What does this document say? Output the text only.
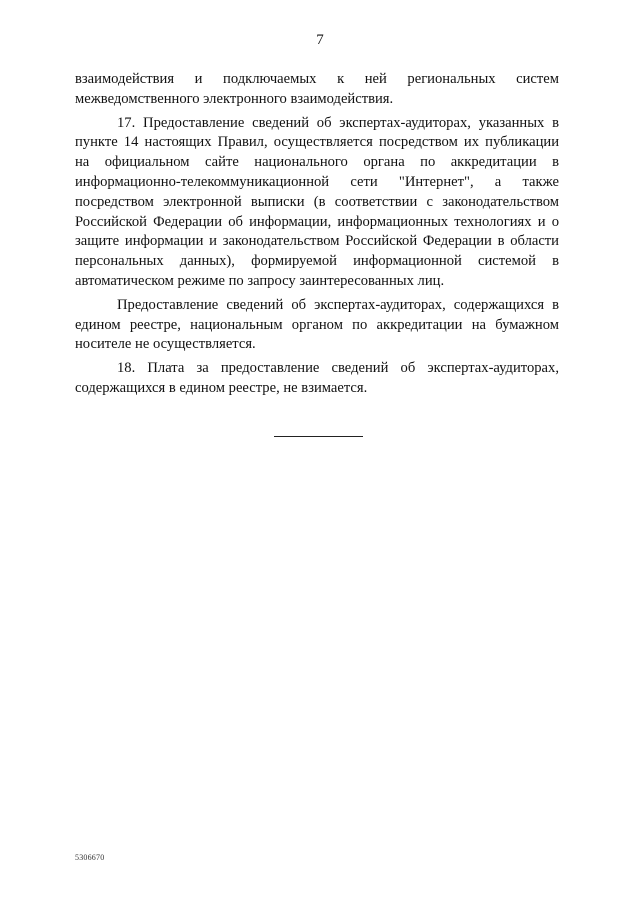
7

взаимодействия и подключаемых к ней региональных систем межведомственного электронного взаимодействия.

17. Предоставление сведений об экспертах-аудиторах, указанных в пункте 14 настоящих Правил, осуществляется посредством их публикации на официальном сайте национального органа по аккредитации в информационно-телекоммуникационной сети "Интернет", а также посредством электронной выписки (в соответствии с законодательством Российской Федерации об информации, информационных технологиях и о защите информации и законодательством Российской Федерации в области персональных данных), формируемой информационной системой в автоматическом режиме по запросу заинтересованных лиц.

Предоставление сведений об экспертах-аудиторах, содержащихся в едином реестре, национальным органом по аккредитации на бумажном носителе не осуществляется.

18. Плата за предоставление сведений об экспертах-аудиторах, содержащихся в едином реестре, не взимается.

5306670
